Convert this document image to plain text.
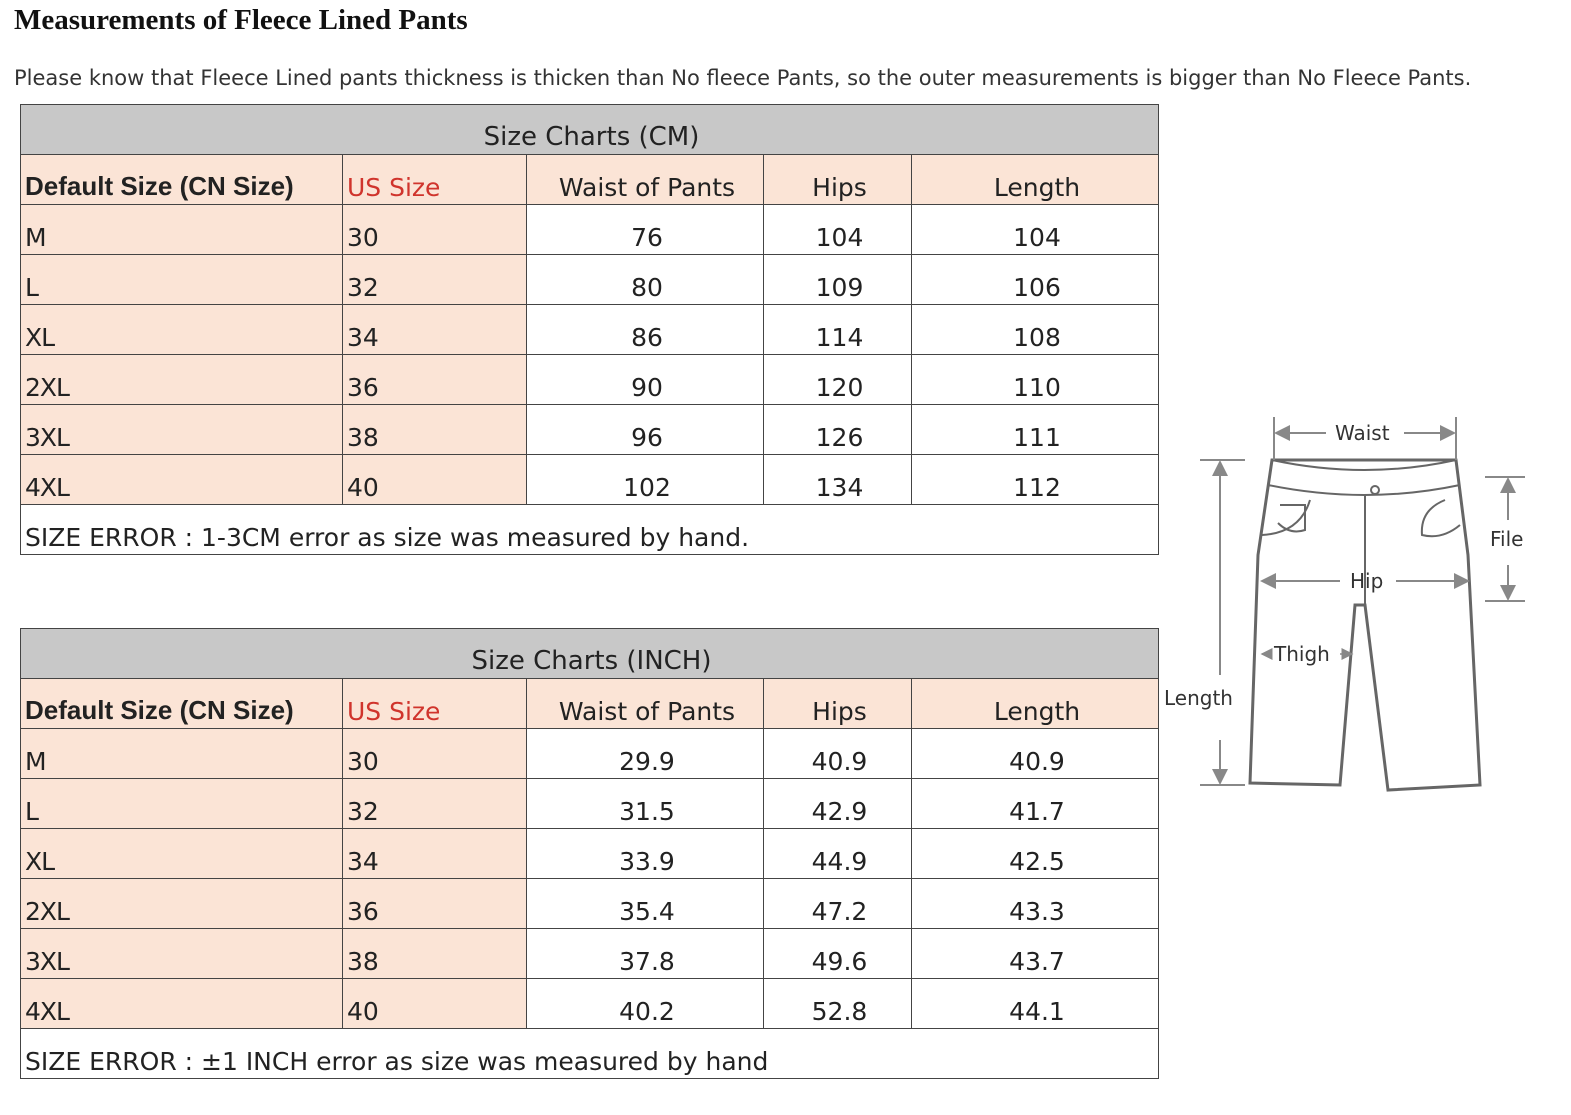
Measurements of Fleece Lined Pants
Please know that Fleece Lined pants thickness is thicken than No fleece Pants, so the outer measurements is bigger than No Fleece Pants.
Size Charts (CM)				
Default Size (CN Size)	US Size	Waist of Pants	Hips	Length
M	30	76	104	104
L	32	80	109	106
XL	34	86	114	108
2XL	36	90	120	110
3XL	38	96	126	111
4XL	40	102	134	112
SIZE ERROR : 1-3CM error as size was measured by hand.				
Size Charts (INCH)				
Default Size (CN Size)	US Size	Waist of Pants	Hips	Length
M	30	29.9	40.9	40.9
L	32	31.5	42.9	41.7
XL	34	33.9	44.9	42.5
2XL	36	35.4	47.2	43.3
3XL	38	37.8	49.6	43.7
4XL	40	40.2	52.8	44.1
SIZE ERROR : ±1 INCH error as size was measured by hand				
Waist
Hip
Thigh
File
Length
